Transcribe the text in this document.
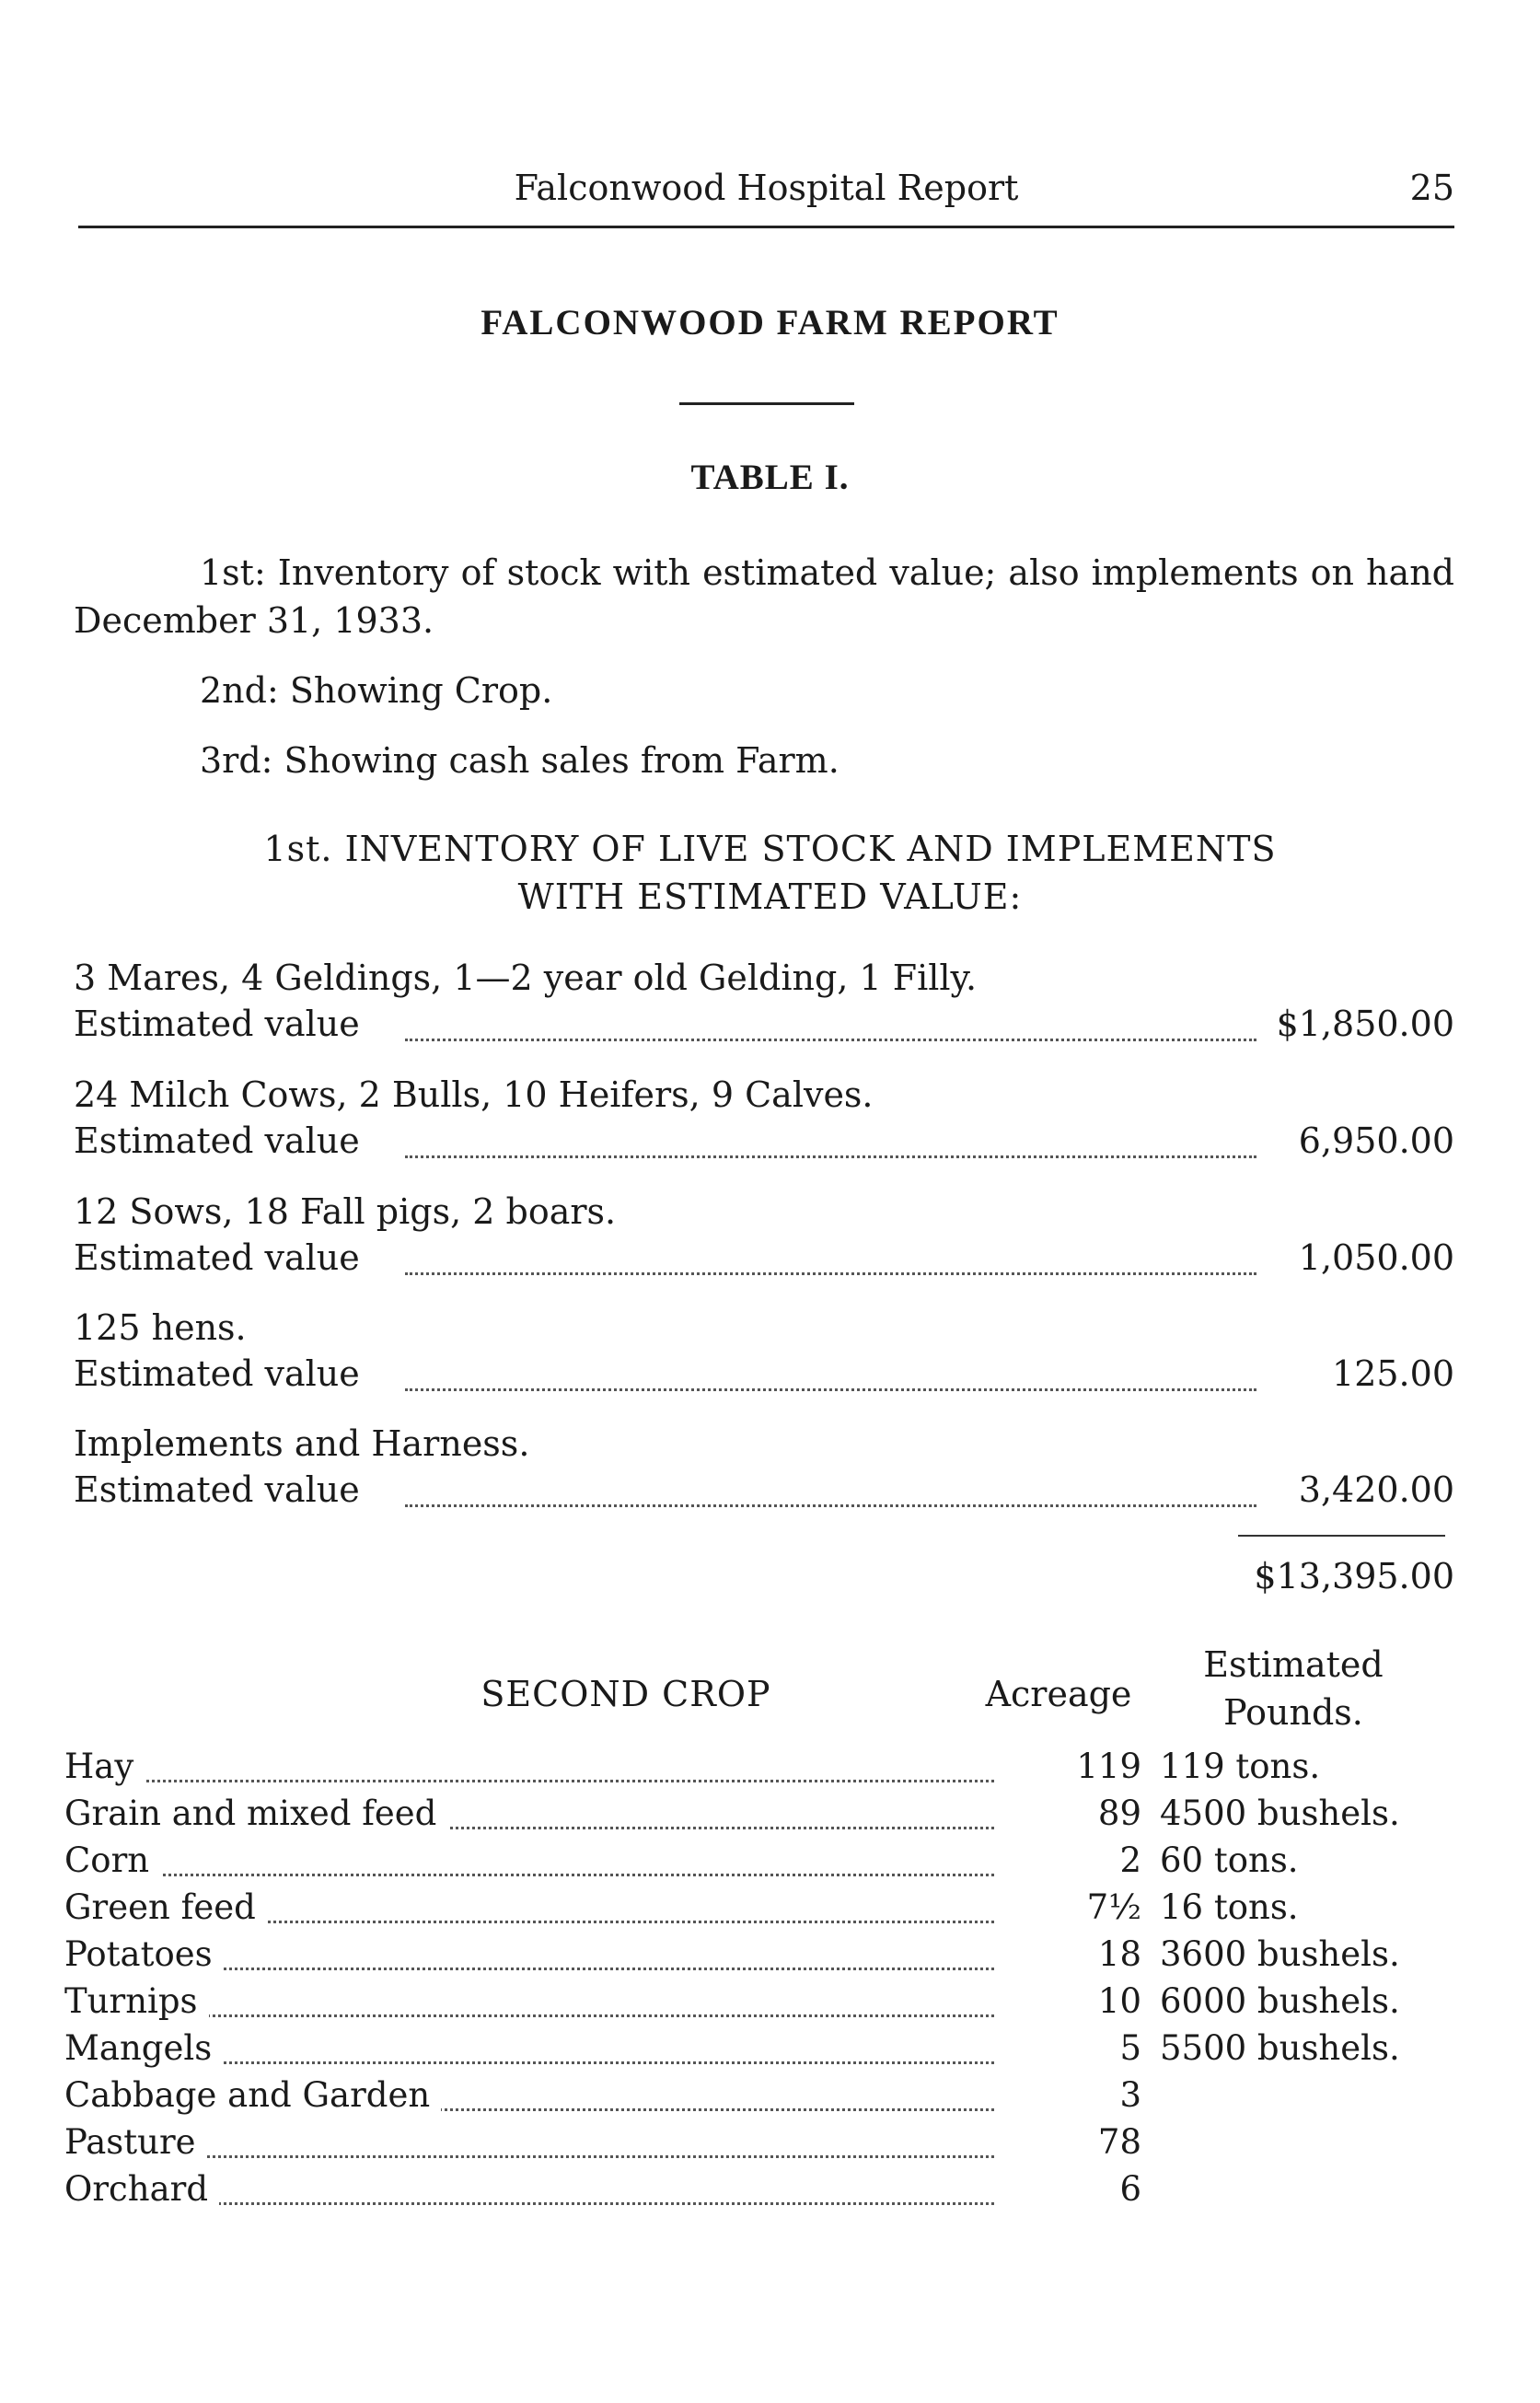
Falconwood Hospital Report	25
FALCONWOOD FARM REPORT
TABLE I.
1st: Inventory of stock with estimated value; also implements on hand December 31, 1933.
2nd: Showing Crop.
3rd: Showing cash sales from Farm.
1st. INVENTORY OF LIVE STOCK AND IMPLEMENTS
WITH ESTIMATED VALUE:
3 Mares, 4 Geldings, 1—2 year old Gelding, 1 Filly.
Estimated value	$1,850.00
24 Milch Cows, 2 Bulls, 10 Heifers, 9 Calves.
Estimated value	6,950.00
12 Sows, 18 Fall pigs, 2 boars.
Estimated value	1,050.00
125 hens.
Estimated value	125.00
Implements and Harness.
Estimated value	3,420.00
$13,395.00
SECOND CROP	Acreage
Estimated
Pounds.
Hay	119 119 tons.
Grain and mixed feed	89 4500 bushels.
Corn	2 60 tons.
Green feed	7½ 16 tons.
Potatoes	18 3600 bushels.
Turnips	10 6000 bushels.
Mangels	5 5500 bushels.
Cabbage and Garden	3
Pasture	78
Orchard	6
